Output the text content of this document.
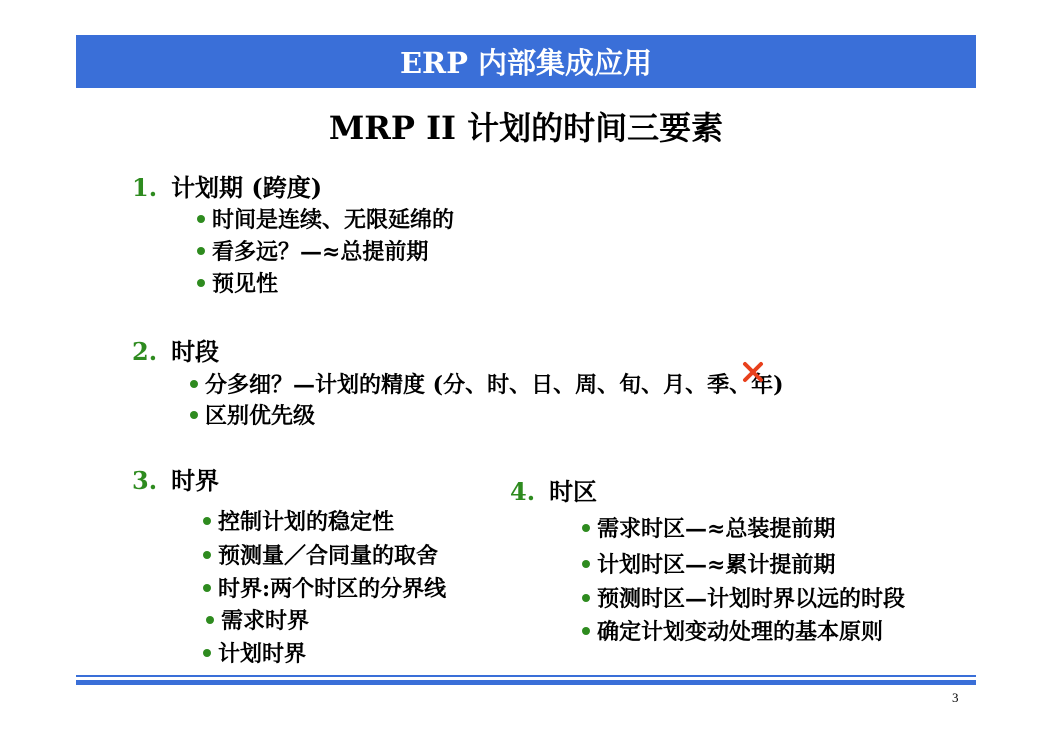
ERP 内部集成应用
MRP II 计划的时间三要素
1. 计划期 (跨度)
时间是连续、无限延绵的
看多远？—≈总提前期
预见性
2. 时段
分多细？—计划的精度 (分、时、日、周、旬、月、季、年)
区别优先级
3. 时界
控制计划的稳定性
预测量／合同量的取舍
时界:两个时区的分界线
需求时界
计划时界
4. 时区
需求时区—≈总装提前期
计划时区—≈累计提前期
预测时区—计划时界以远的时段
确定计划变动处理的基本原则
3
